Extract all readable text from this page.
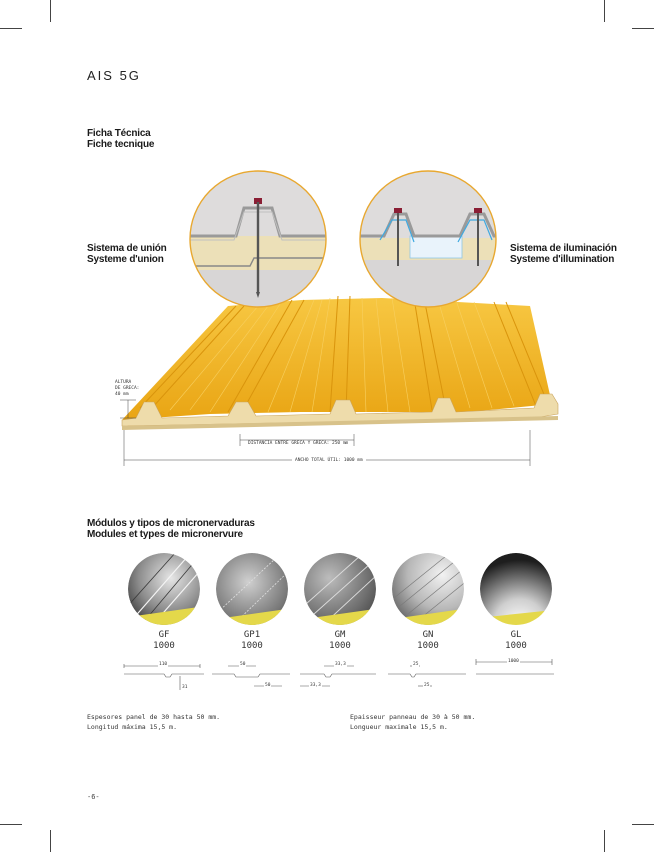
AIS 5G
Ficha Técnica
Fiche tecnique
Sistema de unión
Systeme d'union
Sistema de iluminación
Systeme d'illumination
ALTURA
DE GRECA:
40 mm
DISTANCIA ENTRE GRECA Y GRECA: 250 mm
ANCHO TOTAL ÚTIL: 1000 mm
Módulos y tipos de micronervaduras
Modules et types de micronervure
GF
1000
GP1
1000
GM
1000
GN
1000
GL
1000
110
31
50
50
33,3
33,3
25
25
1000
Espesores panel de 30 hasta 50 mm.
Longitud máxima 15,5 m.
Epaisseur panneau de 30 à 50 mm.
Longueur maximale 15,5 m.
-6-
